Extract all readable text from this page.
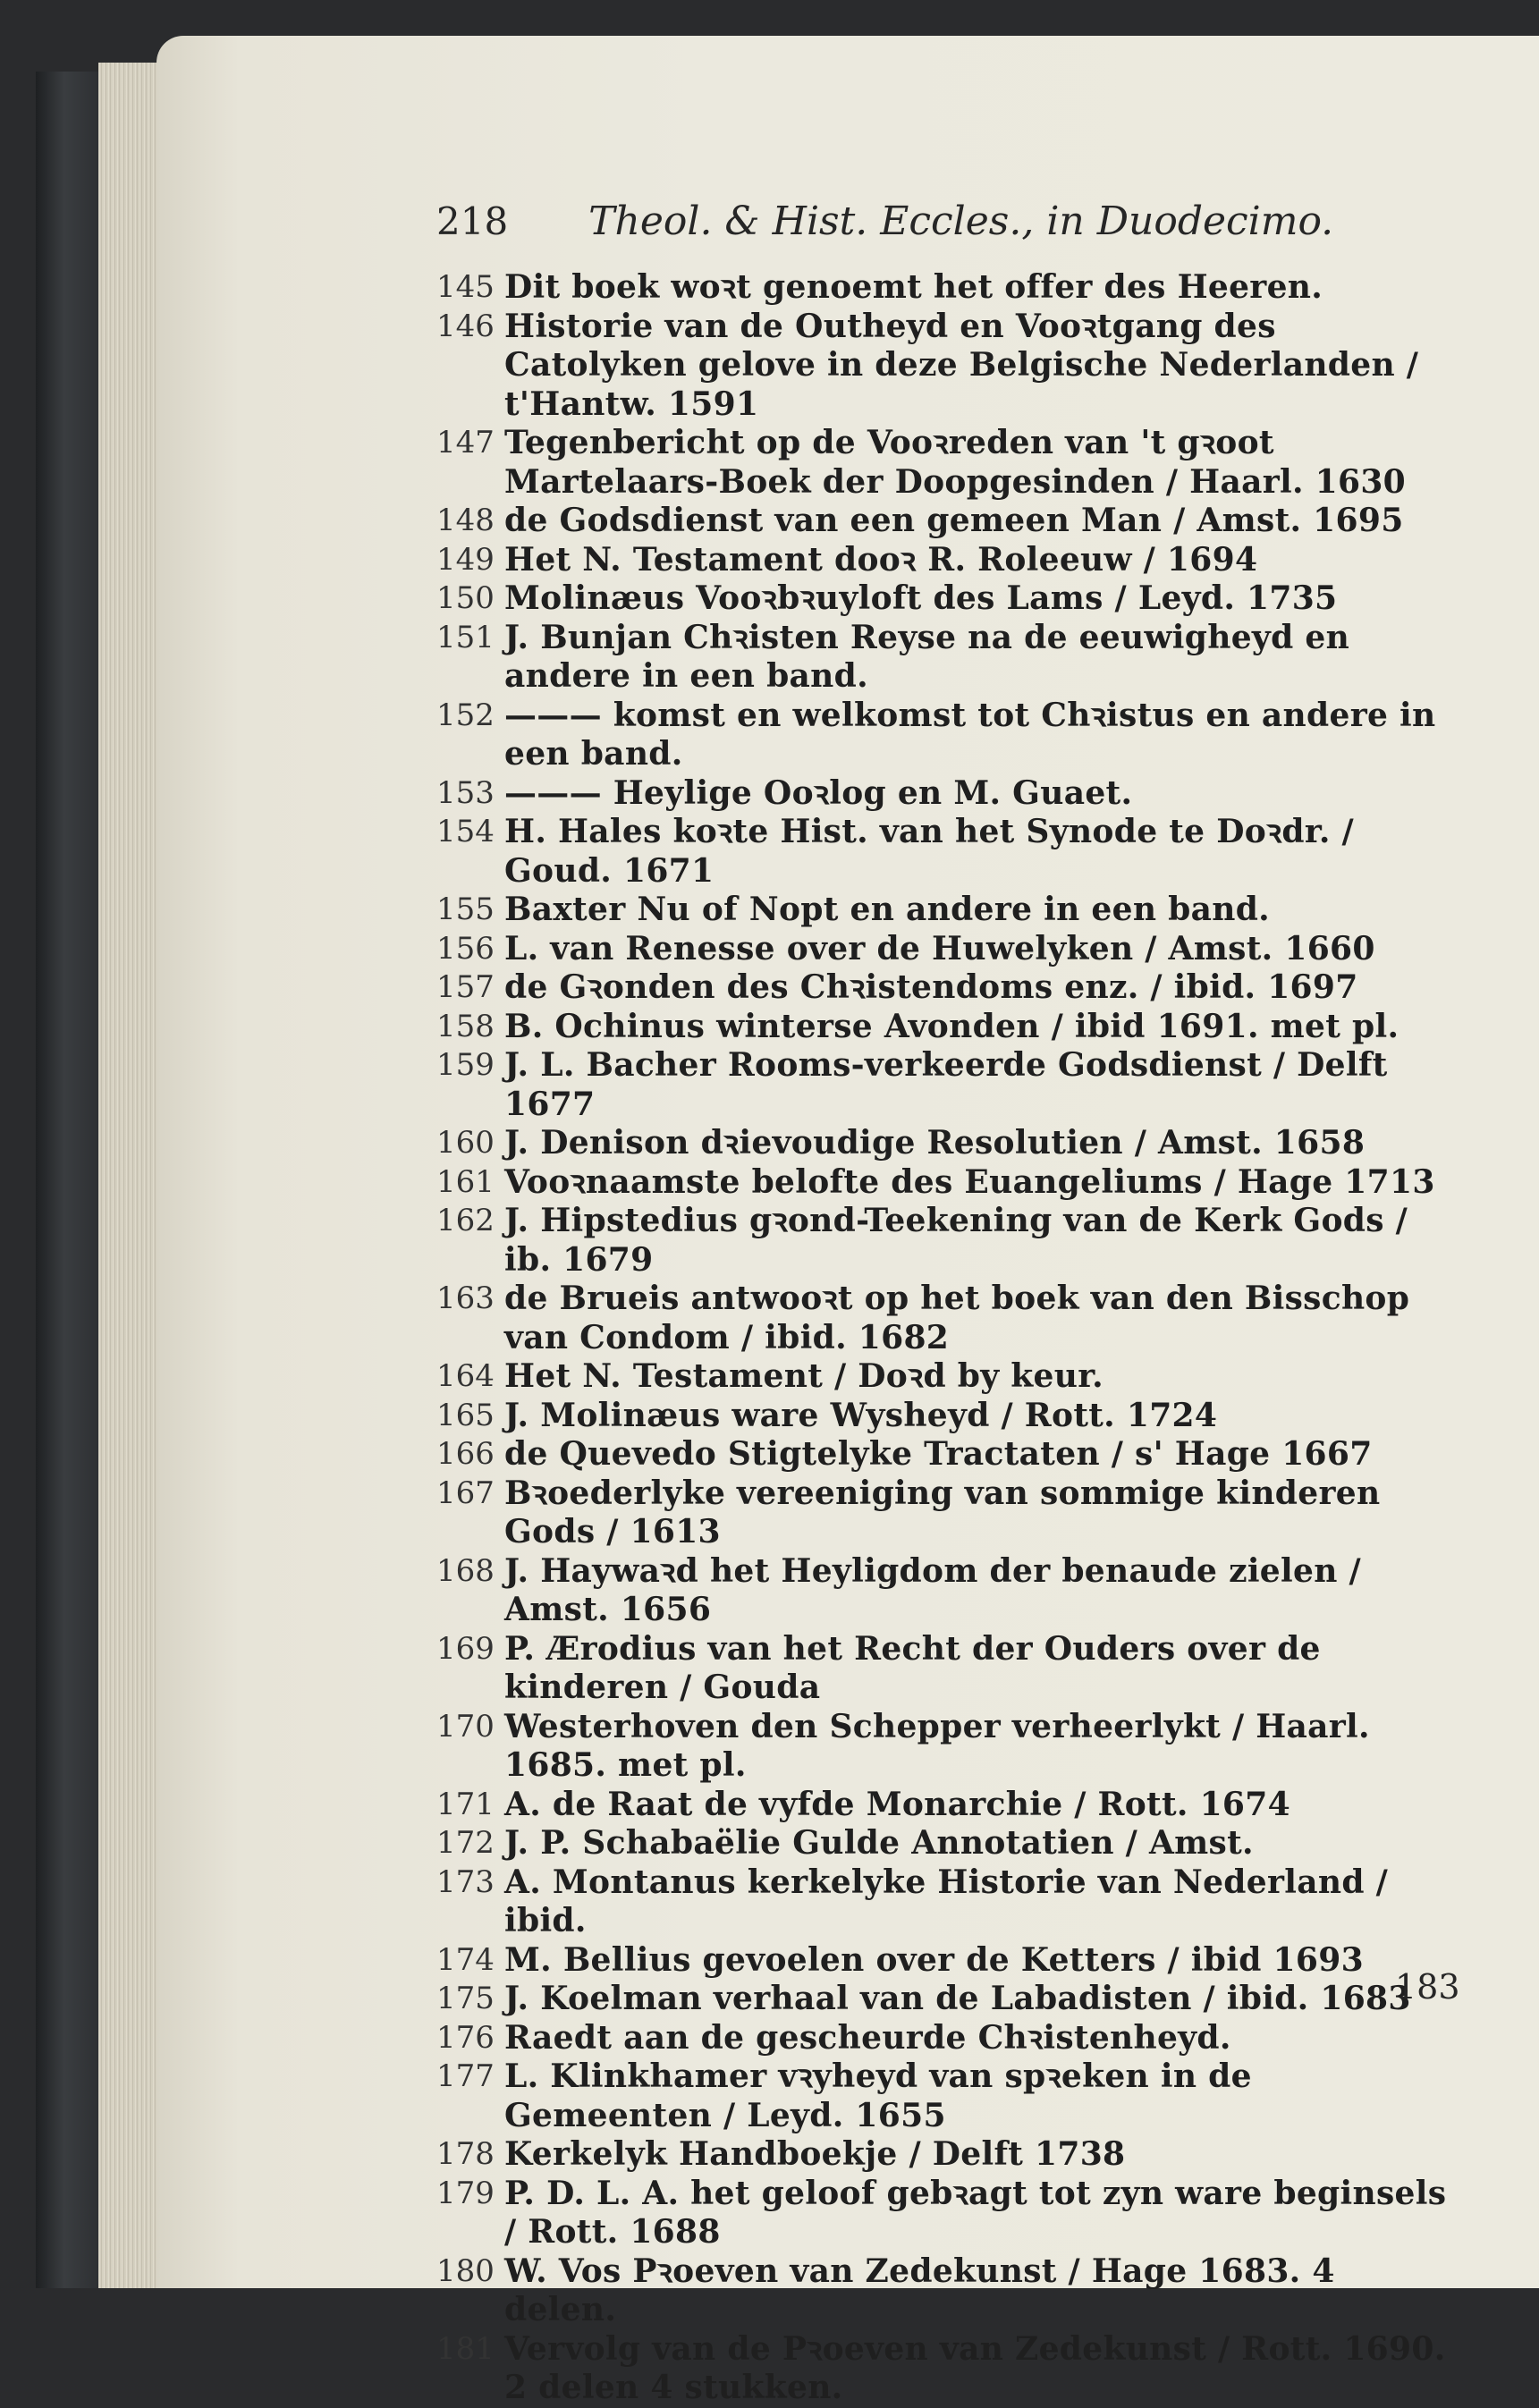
218 Theol. & Hist. Eccles., in Duodecimo.
145 Dit boek woꝛt genoemt het offer des Heeren.
146 Historie van de Outheyd en Vooꝛtgang des Catolyken gelove in deze Belgische Nederlanden / t'Hantw. 1591
147 Tegenbericht op de Vooꝛreden van 't gꝛoot Martelaars-Boek der Doopgesinden / Haarl. 1630
148 de Godsdienst van een gemeen Man / Amst. 1695
149 Het N. Testament dooꝛ R. Roleeuw / 1694
150 Molinæus Vooꝛbꝛuyloft des Lams / Leyd. 1735
151 J. Bunjan Chꝛisten Reyse na de eeuwigheyd en andere in een band.
152 ——— komst en welkomst tot Chꝛistus en andere in een band.
153 ——— Heylige Ooꝛlog en M. Guaet.
154 H. Hales koꝛte Hist. van het Synode te Doꝛdr. / Goud. 1671
155 Baxter Nu of Nopt en andere in een band.
156 L. van Renesse over de Huwelyken / Amst. 1660
157 de Gꝛonden des Chꝛistendoms enz. / ibid. 1697
158 B. Ochinus winterse Avonden / ibid 1691. met pl.
159 J. L. Bacher Rooms-verkeerde Godsdienst / Delft 1677
160 J. Denison dꝛievoudige Resolutien / Amst. 1658
161 Vooꝛnaamste belofte des Euangeliums / Hage 1713
162 J. Hipstedius gꝛond-Teekening van de Kerk Gods / ib. 1679
163 de Brueis antwooꝛt op het boek van den Bisschop van Condom / ibid. 1682
164 Het N. Testament / Doꝛd by keur.
165 J. Molinæus ware Wysheyd / Rott. 1724
166 de Quevedo Stigtelyke Tractaten / s' Hage 1667
167 Bꝛoederlyke vereeniging van sommige kinderen Gods / 1613
168 J. Haywaꝛd het Heyligdom der benaude zielen / Amst. 1656
169 P. Ærodius van het Recht der Ouders over de kinderen / Gouda
170 Westerhoven den Schepper verheerlykt / Haarl. 1685. met pl.
171 A. de Raat de vyfde Monarchie / Rott. 1674
172 J. P. Schabaëlie Gulde Annotatien / Amst.
173 A. Montanus kerkelyke Historie van Nederland / ibid.
174 M. Bellius gevoelen over de Ketters / ibid 1693
175 J. Koelman verhaal van de Labadisten / ibid. 1683
176 Raedt aan de gescheurde Chꝛistenheyd.
177 L. Klinkhamer vꝛyheyd van spꝛeken in de Gemeenten / Leyd. 1655
178 Kerkelyk Handboekje / Delft 1738
179 P. D. L. A. het geloof gebꝛagt tot zyn ware beginsels / Rott. 1688
180 W. Vos Pꝛoeven van Zedekunst / Hage 1683. 4 delen.
181 Vervolg van de Pꝛoeven van Zedekunst / Rott. 1690. 2 delen 4 stukken.
183
